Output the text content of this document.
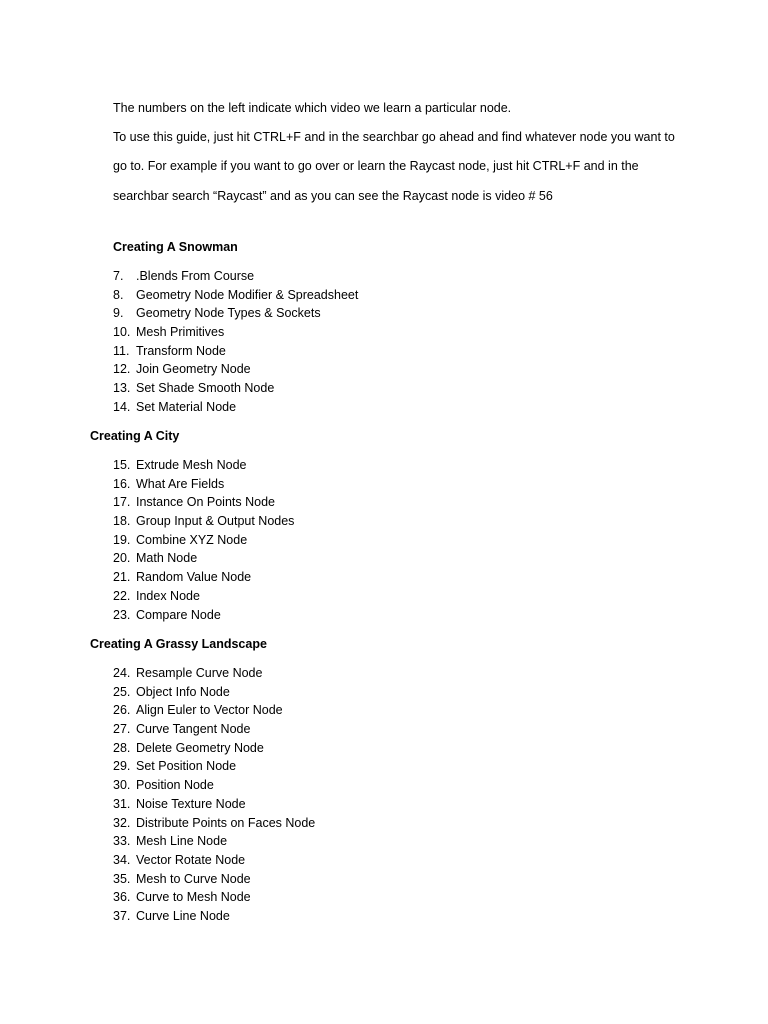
The numbers on the left indicate which video we learn a particular node.

To use this guide, just hit CTRL+F and in the searchbar go ahead and find whatever node you want to

go to. For example if you want to go over or learn the Raycast node, just hit CTRL+F and in the

searchbar search “Raycast” and as you can see the Raycast node is video # 56

Creating A Snowman
7.	.Blends From Course
8.	Geometry Node Modifier & Spreadsheet
9.	Geometry Node Types & Sockets
10. Mesh Primitives
11. Transform Node
12. Join Geometry Node
13. Set Shade Smooth Node
14. Set Material Node
Creating A City
15. Extrude Mesh Node
16. What Are Fields
17. Instance On Points Node
18. Group Input & Output Nodes
19. Combine XYZ Node
20. Math Node
21. Random Value Node
22. Index Node
23. Compare Node
Creating A Grassy Landscape
24. Resample Curve Node
25. Object Info Node
26. Align Euler to Vector Node
27. Curve Tangent Node
28. Delete Geometry Node
29. Set Position Node
30. Position Node
31. Noise Texture Node
32. Distribute Points on Faces Node
33. Mesh Line Node
34. Vector Rotate Node
35. Mesh to Curve Node
36. Curve to Mesh Node
37. Curve Line Node
